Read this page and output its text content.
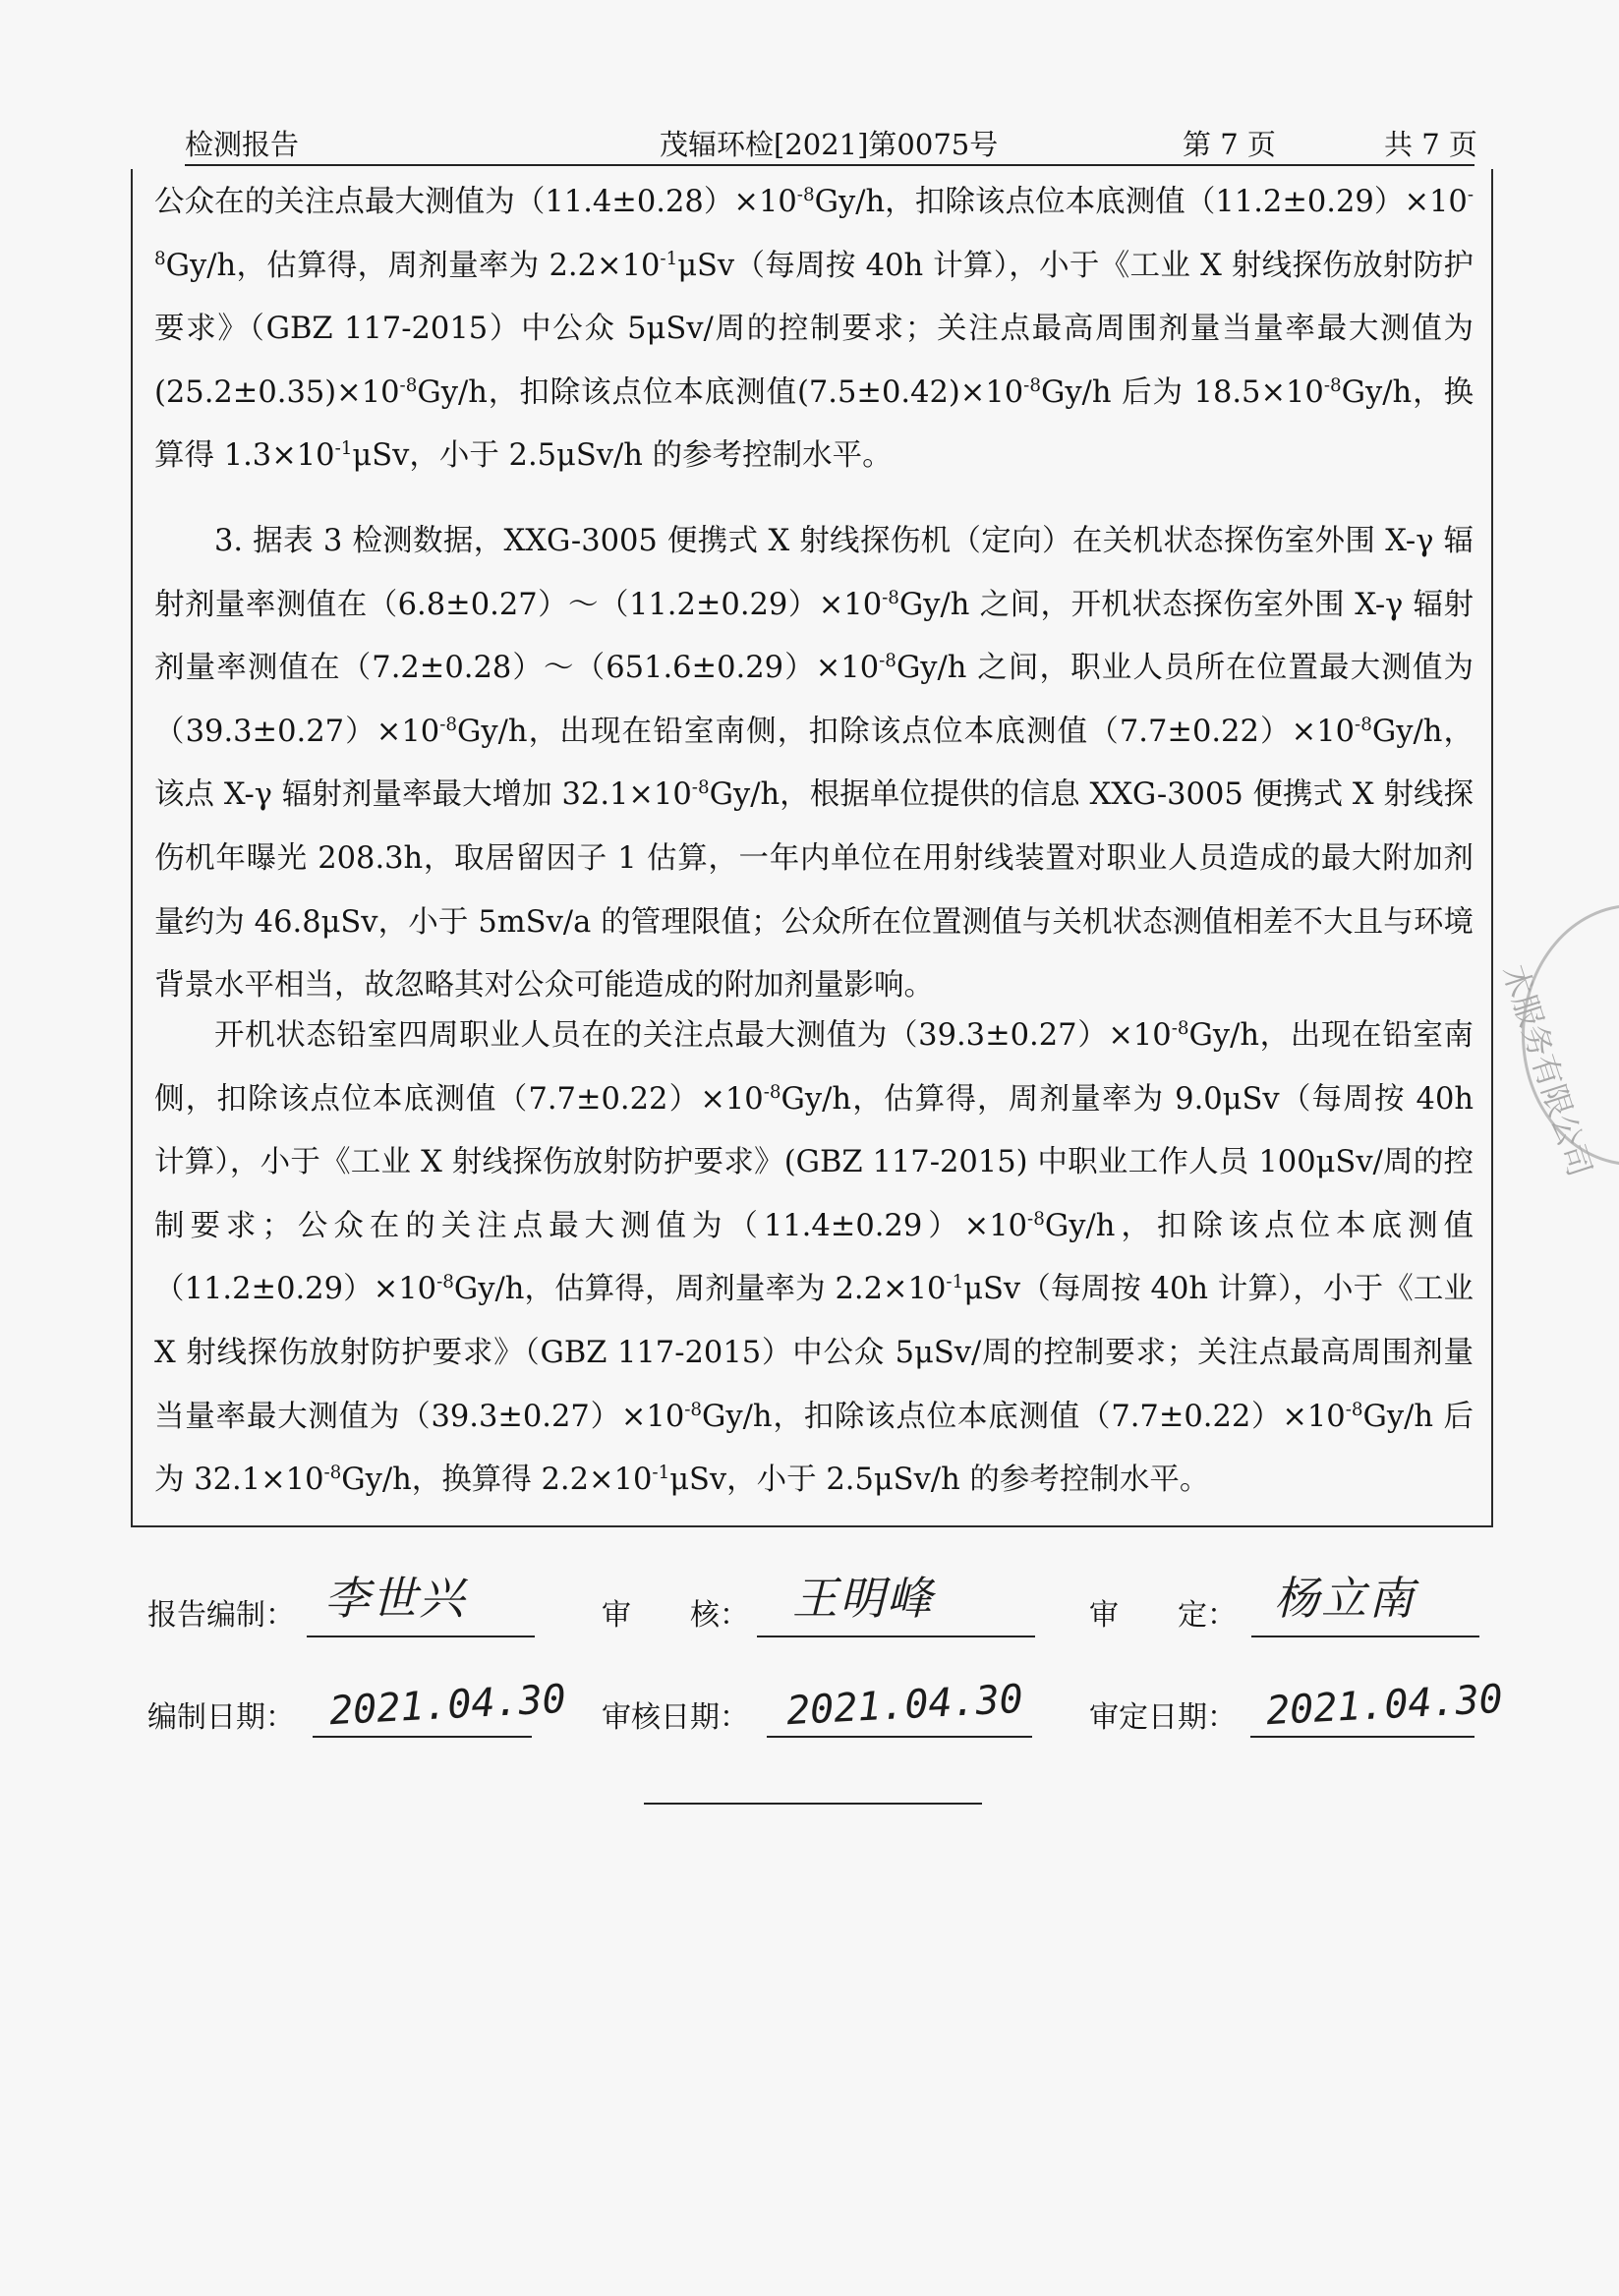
检测报告	茂辐环检[2021]第0075号	第 7 页	共 7 页

公众在的关注点最大测值为$(11.4\pm 0.28)\times 10^{-8}Gy/h$，扣除该点位本底测值$(11.2\pm 0.29)\times 10^{-8}Gy/h$，估算得，周剂量率为 $2.2\times 10^{-1}\mu Sv$（每周按 40h 计算），小于《工业 X 射线探伤放射防护要求》（GBZ 117-2015）中公众 5μSv/周的控制要求；关注点最高周围剂量当量率最大测值为$(25.2\pm 0.35)\times 10^{-8}Gy/h$，扣除该点位本底测值$(7.5\pm 0.42)\times 10^{-8}Gy/h$ 后为 $18.5\times 10^{-8}Gy/h$，换算得 $1.3\times 10^{-1}\mu Sv$，小于 2.5μSv/h 的参考控制水平。

3. 据表 3 检测数据，XXG-3005 便携式 X 射线探伤机（定向）在关机状态探伤室外围 X-γ 辐射剂量率测值在$(6.8\pm 0.27)\sim(11.2\pm 0.29)\times 10^{-8}Gy/h$ 之间，开机状态探伤室外围 X-γ 辐射剂量率测值在$(7.2\pm 0.28)\sim(651.6\pm 0.29)\times 10^{-8}Gy/h$ 之间，职业人员所在位置最大测值为$(39.3\pm 0.27)\times 10^{-8}Gy/h$，出现在铅室南侧，扣除该点位本底测值$(7.7\pm 0.22)\times 10^{-8}Gy/h$，该点 X-γ 辐射剂量率最大增加 $32.1\times 10^{-8}Gy/h$，根据单位提供的信息 XXG-3005 便携式 X 射线探伤机年曝光 208.3h，取居留因子 1 估算，一年内单位在用射线装置对职业人员造成的最大附加剂量约为 46.8μSv，小于 5mSv/a 的管理限值；公众所在位置测值与关机状态测值相差不大且与环境背景水平相当，故忽略其对公众可能造成的附加剂量影响。

开机状态铅室四周职业人员在的关注点最大测值为$(39.3\pm 0.27)\times 10^{-8}Gy/h$，出现在铅室南侧，扣除该点位本底测值$(7.7\pm 0.22)\times 10^{-8}Gy/h$，估算得，周剂量率为 9.0μSv（每周按 40h 计算），小于《工业 X 射线探伤放射防护要求》(GBZ 117-2015) 中职业工作人员 100μSv/周的控制要求；公众在的关注点最大测值为$(11.4\pm 0.29)\times 10^{-8}Gy/h$，扣除该点位本底测值$(11.2\pm 0.29)\times 10^{-8}Gy/h$，估算得，周剂量率为 $2.2\times 10^{-1}\mu Sv$（每周按 40h 计算），小于《工业 X 射线探伤放射防护要求》（GBZ 117-2015）中公众 5μSv/周的控制要求；关注点最高周围剂量当量率最大测值为$(39.3\pm 0.27)\times 10^{-8}Gy/h$，扣除该点位本底测值$(7.7\pm 0.22)\times 10^{-8}Gy/h$ 后为 $32.1\times 10^{-8}Gy/h$，换算得 $2.2\times 10^{-1}\mu Sv$，小于 2.5μSv/h 的参考控制水平。

报告编制： 李世兴	审　　核： 王明峰	审　　定： 杨立南
编制日期： 2021.04.30 审核日期： 2021.04.30 审定日期： 2021.04.30
术服务有限公司
